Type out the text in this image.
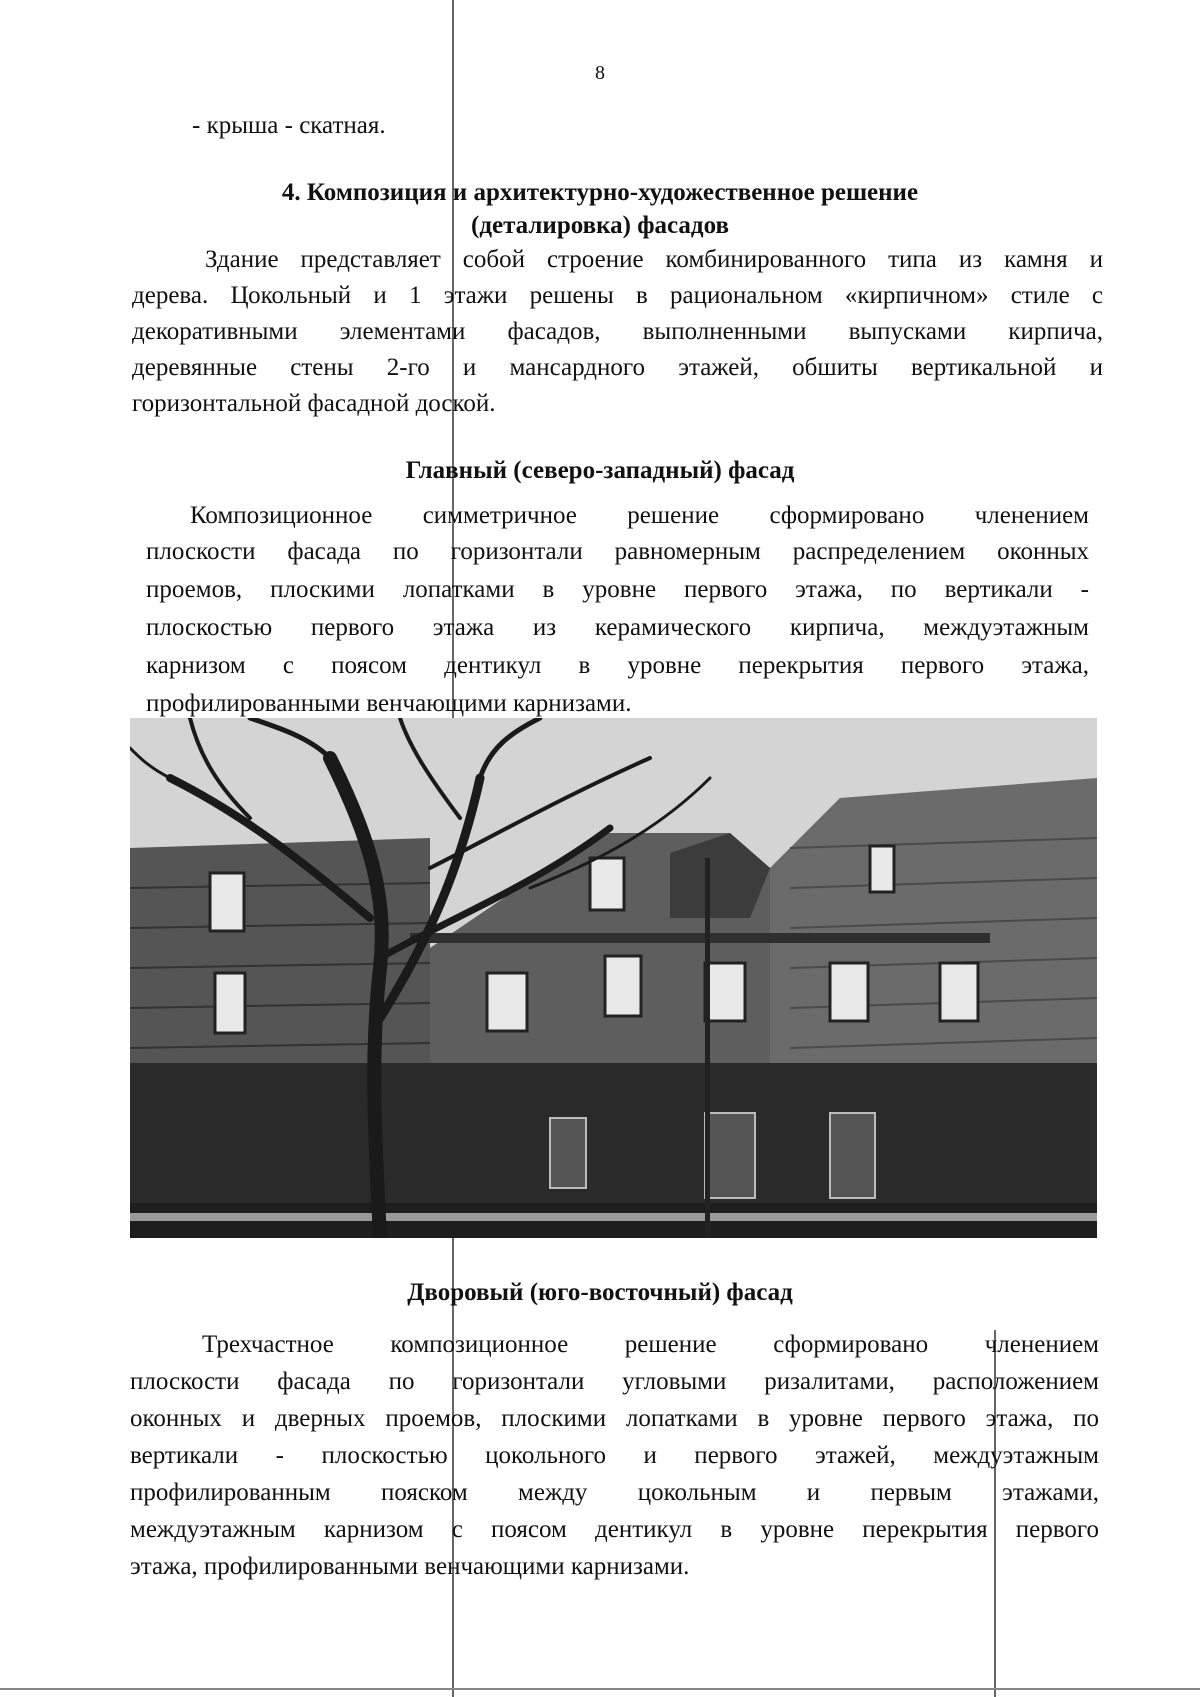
8

- крыша - скатная.

4. Композиция и архитектурно-художественное решение

(деталировка) фасадов

Здание представляет собой строение комбинированного типа из камня и

дерева. Цокольный и 1 этажи решены в рациональном «кирпичном» стиле с

декоративными элементами фасадов, выполненными выпусками кирпича,

деревянные стены 2-го и мансардного этажей, обшиты вертикальной и

горизонтальной фасадной доской.

Главный (северо-западный) фасад

Композиционное симметричное решение сформировано членением

плоскости фасада по горизонтали равномерным распределением оконных

проемов, плоскими лопатками в уровне первого этажа, по вертикали -

плоскостью первого этажа из керамического кирпича, междуэтажным

карнизом с поясом дентикул в уровне перекрытия первого этажа,

профилированными венчающими карнизами.

Дворовый (юго-восточный) фасад

Трехчастное композиционное решение сформировано членением

плоскости фасада по горизонтали угловыми ризалитами, расположением

оконных и дверных проемов, плоскими лопатками в уровне первого этажа, по

вертикали - плоскостью цокольного и первого этажей, междуэтажным

профилированным пояском между цокольным и первым этажами,

междуэтажным карнизом с поясом дентикул в уровне перекрытия первого

этажа, профилированными венчающими карнизами.
